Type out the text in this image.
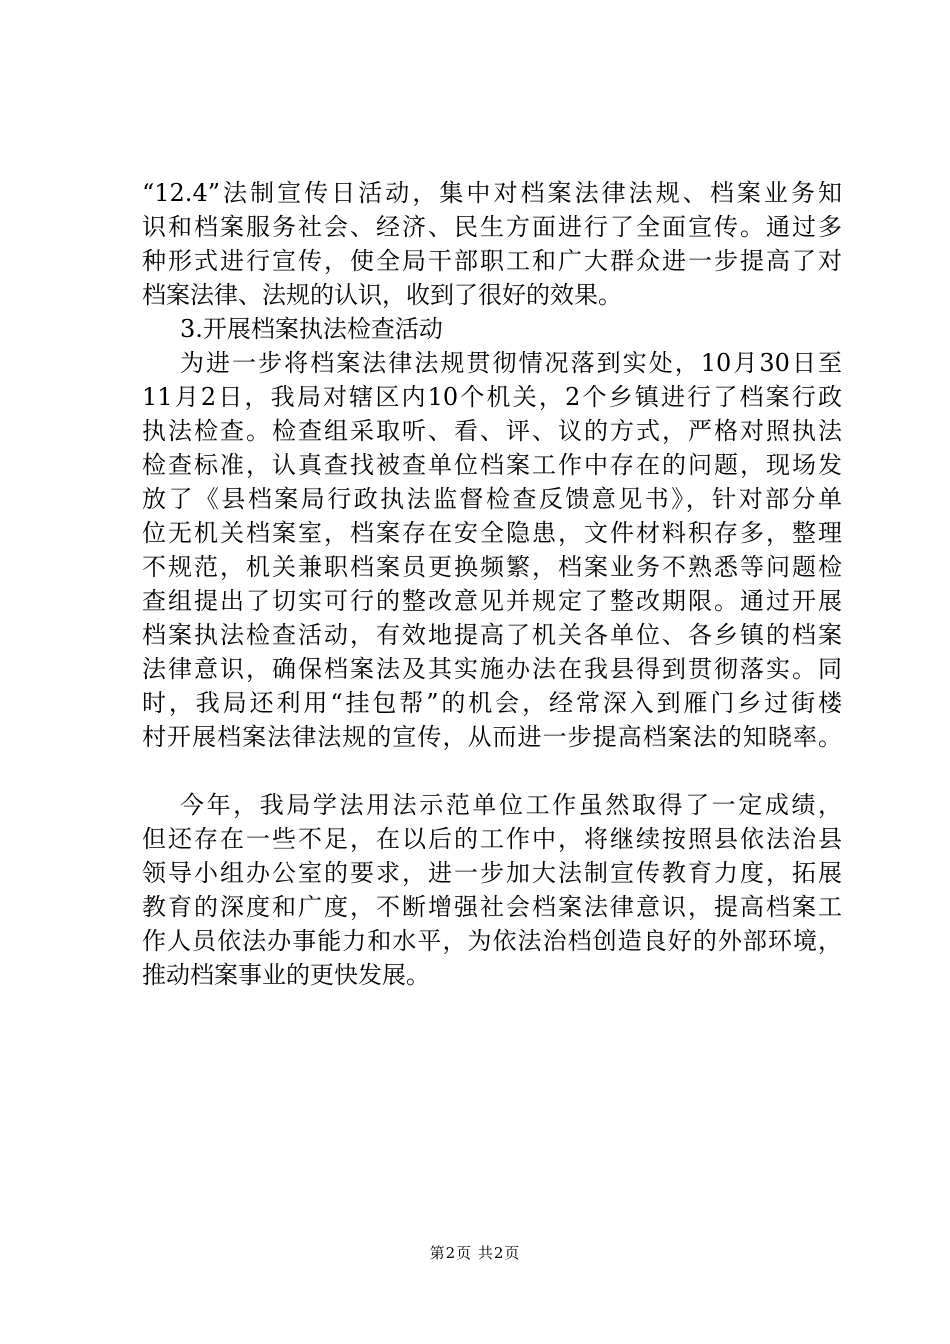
“12.4”法制宣传日活动，集中对档案法律法规、档案业务知
识和档案服务社会、经济、民生方面进行了全面宣传。通过多
种形式进行宣传，使全局干部职工和广大群众进一步提高了对
档案法律、法规的认识，收到了很好的效果。
3.开展档案执法检查活动
为进一步将档案法律法规贯彻情况落到实处，10月30日至
11月2日，我局对辖区内10个机关，2个乡镇进行了档案行政
执法检查。检查组采取听、看、评、议的方式，严格对照执法
检查标准，认真查找被查单位档案工作中存在的问题，现场发
放了《县档案局行政执法监督检查反馈意见书》，针对部分单
位无机关档案室，档案存在安全隐患，文件材料积存多，整理
不规范，机关兼职档案员更换频繁，档案业务不熟悉等问题检
查组提出了切实可行的整改意见并规定了整改期限。通过开展
档案执法检查活动，有效地提高了机关各单位、各乡镇的档案
法律意识，确保档案法及其实施办法在我县得到贯彻落实。同
时，我局还利用“挂包帮”的机会，经常深入到雁门乡过街楼
村开展档案法律法规的宣传，从而进一步提高档案法的知晓率。
今年，我局学法用法示范单位工作虽然取得了一定成绩，
但还存在一些不足，在以后的工作中，将继续按照县依法治县
领导小组办公室的要求，进一步加大法制宣传教育力度，拓展
教育的深度和广度，不断增强社会档案法律意识，提高档案工
作人员依法办事能力和水平，为依法治档创造良好的外部环境，
推动档案事业的更快发展。
第2页 共2页
